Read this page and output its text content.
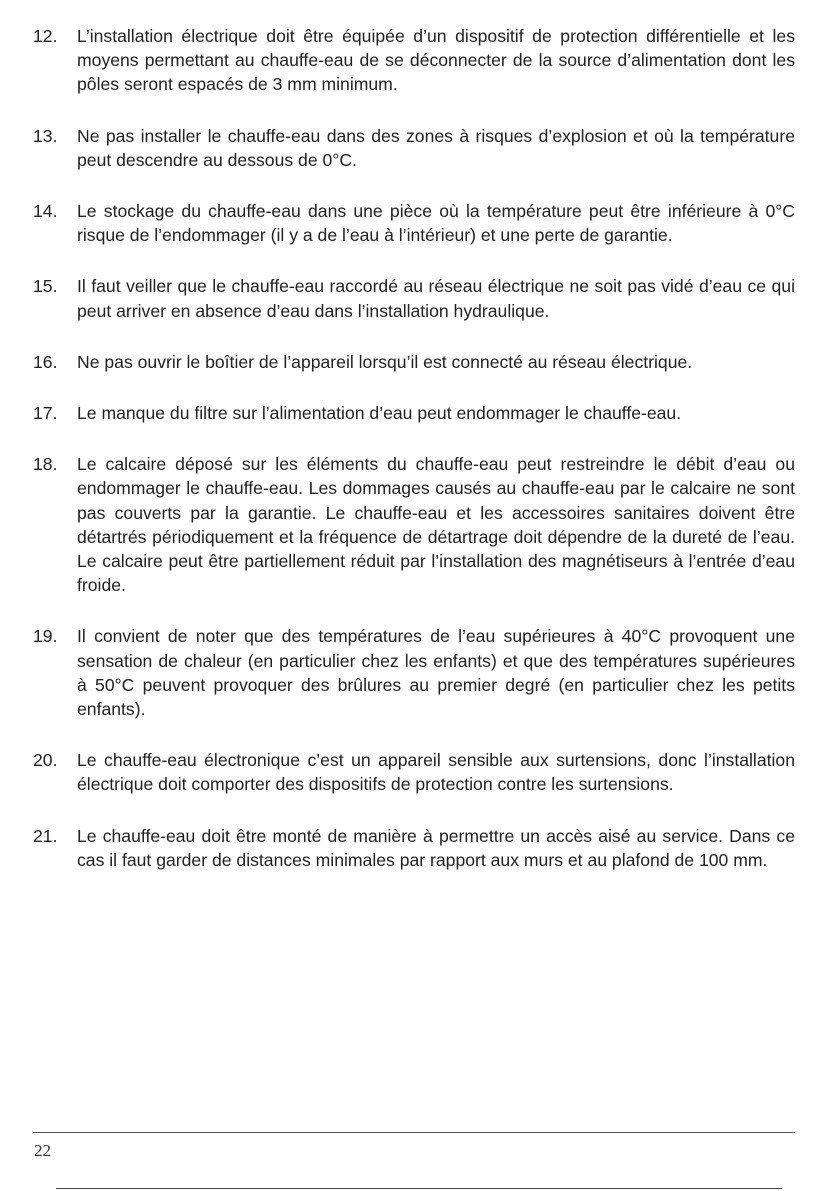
12.	L’installation électrique doit être équipée d’un dispositif de protection différentielle et les moyens permettant au chauffe-eau de se déconnecter de la source d’alimentation dont les pôles seront espacés de 3 mm minimum.
13.	Ne pas installer le chauffe-eau dans des zones à risques d’explosion et où la température peut descendre au dessous de 0°C.
14.	Le stockage du chauffe-eau dans une pièce où la température peut être inférieure à 0°C risque de l’endommager (il y a de l’eau à l’intérieur) et une perte de garantie.
15.	Il faut veiller que le chauffe-eau raccordé au réseau électrique ne soit pas vidé d’eau ce qui peut arriver en absence d’eau dans l’installation hydraulique.
16.	Ne pas ouvrir le boîtier de l’appareil lorsqu’il est connecté au réseau électrique.
17.	Le manque du filtre sur l’alimentation d’eau peut endommager le chauffe-eau.
18.	Le calcaire déposé sur les éléments du chauffe-eau peut restreindre le débit d’eau ou endommager le chauffe-eau. Les dommages causés au chauffe-eau par le calcaire ne sont pas couverts par la garantie. Le chauffe-eau et les accessoires sanitaires doivent être détartrés périodiquement et la fréquence de détartrage doit dépendre de la dureté de l’eau. Le calcaire peut être partiellement réduit par l’installation des magnétiseurs à l’entrée d’eau froide.
19.	Il convient de noter que des températures de l’eau supérieures à 40°C provoquent une sensation de chaleur (en particulier chez les enfants) et que des températures supérieures à 50°C peuvent provoquer des brûlures au premier degré (en particulier chez les petits enfants).
20.	Le chauffe-eau électronique c’est un appareil sensible aux surtensions, donc l’installation électrique doit comporter des dispositifs de protection contre les surtensions.
21.	Le chauffe-eau doit être monté de manière à permettre un accès aisé au service. Dans ce cas il faut garder de distances minimales par rapport aux murs et au plafond de 100 mm.
22
